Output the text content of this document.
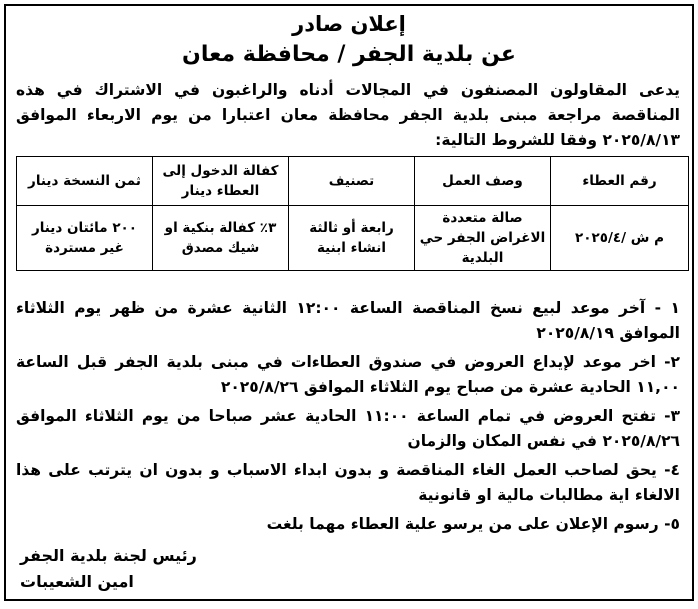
إعلان صادر
عن بلدية الجفر / محافظة معان
يدعى المقاولون المصنفون في المجالات أدناه والراغبون في الاشتراك في هذه المناقصة مراجعة مبنى بلدية الجفر محافظة معان اعتبارا من يوم الاربعاء الموافق ٢٠٢٥/٨/١٣ وفقا للشروط التالية:
رقم العطاء	وصف العمل	تصنيف	كفالة الدخول إلى العطاء دينار	ثمن النسخة دينار
م ش /٢٠٢٥/٤	صالة متعددة الاغراض الجفر حي البلدية	رابعة أو ثالثة انشاء ابنية	٣٪ كفالة بنكية او شيك مصدق	٢٠٠ مائتان دينار غير مستردة
١ - آخر موعد لبيع نسخ المناقصة الساعة ١٢:٠٠ الثانية عشرة من ظهر يوم الثلاثاء الموافق ٢٠٢٥/٨/١٩
٢- اخر موعد لإيداع العروض في صندوق العطاءات في مبنى بلدية الجفر قبل الساعة ١١,٠٠ الحادية عشرة من صباح يوم الثلاثاء الموافق ٢٠٢٥/٨/٢٦
٣- تفتح العروض في تمام الساعة ١١:٠٠ الحادية عشر صباحا من يوم الثلاثاء الموافق ٢٠٢٥/٨/٢٦ في نفس المكان والزمان
٤- يحق لصاحب العمل الغاء المناقصة و بدون ابداء الاسباب و بدون ان يترتب على هذا الالغاء اية مطالبات مالية او قانونية
٥- رسوم الإعلان على من يرسو علية العطاء مهما بلغت
رئيس لجنة بلدية الجفر
امين الشعيبات
